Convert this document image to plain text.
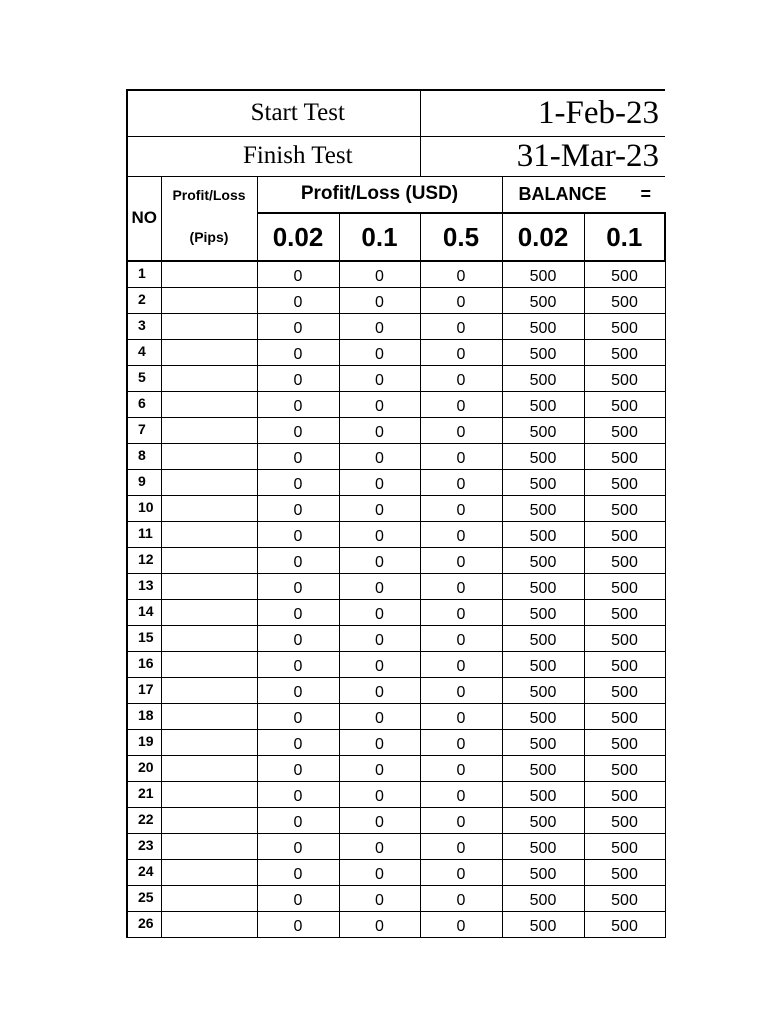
Start Test				1-Feb-23		
Finish Test				31-Mar-23		
NO	Profit/Loss	Profit/Loss (USD)			BALANCE =	

	(Pips)	0.02	0.1	0.5	0.02	0.1
1		0	0	0	500	500
2		0	0	0	500	500
3		0	0	0	500	500
4		0	0	0	500	500
5		0	0	0	500	500
6		0	0	0	500	500
7		0	0	0	500	500
8		0	0	0	500	500
9		0	0	0	500	500
10		0	0	0	500	500
11		0	0	0	500	500
12		0	0	0	500	500
13		0	0	0	500	500
14		0	0	0	500	500
15		0	0	0	500	500
16		0	0	0	500	500
17		0	0	0	500	500
18		0	0	0	500	500
19		0	0	0	500	500
20		0	0	0	500	500
21		0	0	0	500	500
22		0	0	0	500	500
23		0	0	0	500	500
24		0	0	0	500	500
25		0	0	0	500	500
26		0	0	0	500	500
